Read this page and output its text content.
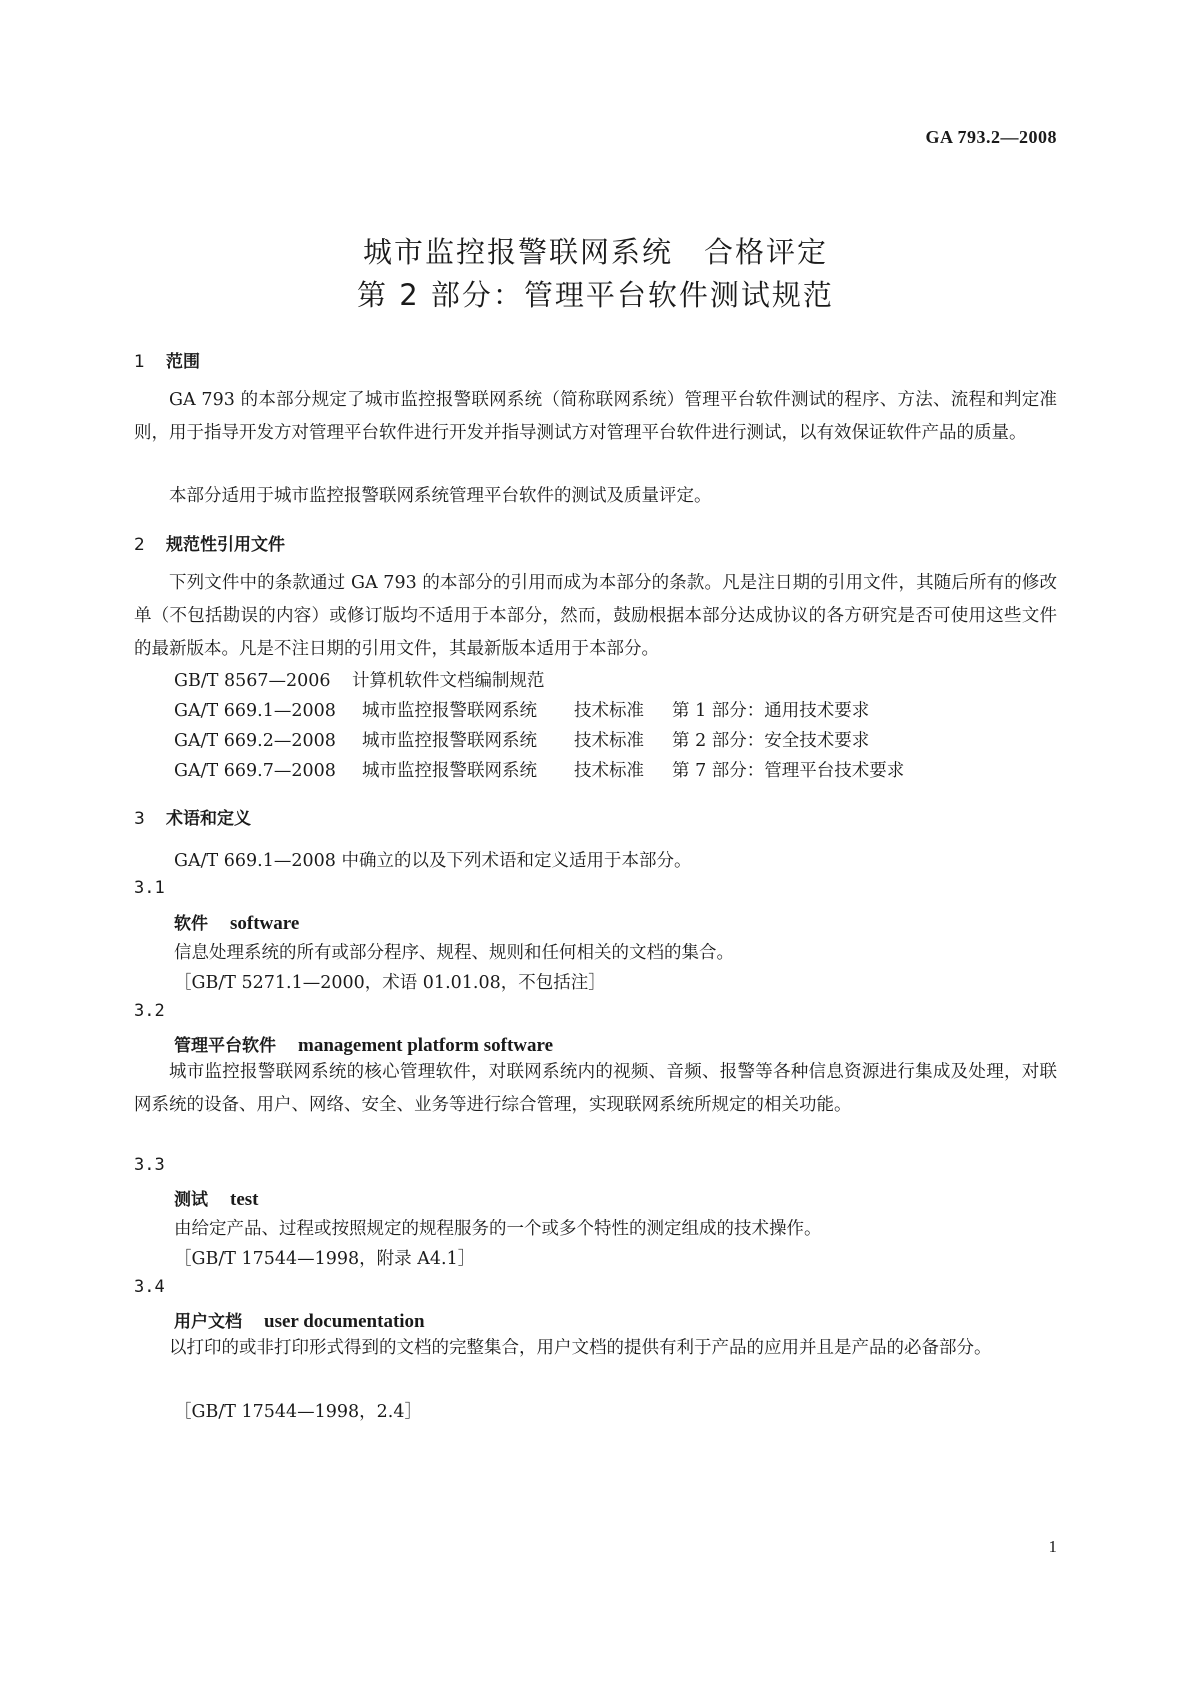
GA 793.2—2008
城市监控报警联网系统　合格评定
第 2 部分：管理平台软件测试规范
1 范围
GA 793 的本部分规定了城市监控报警联网系统（简称联网系统）管理平台软件测试的程序、方法、流程和判定准则，用于指导开发方对管理平台软件进行开发并指导测试方对管理平台软件进行测试，以有效保证软件产品的质量。
本部分适用于城市监控报警联网系统管理平台软件的测试及质量评定。
2 规范性引用文件
下列文件中的条款通过 GA 793 的本部分的引用而成为本部分的条款。凡是注日期的引用文件，其随后所有的修改单（不包括勘误的内容）或修订版均不适用于本部分，然而，鼓励根据本部分达成协议的各方研究是否可使用这些文件的最新版本。凡是不注日期的引用文件，其最新版本适用于本部分。
GB/T 8567—2006 计算机软件文档编制规范
GA/T 669.1—2008 城市监控报警联网系统 技术标准 第 1 部分：通用技术要求
GA/T 669.2—2008 城市监控报警联网系统 技术标准 第 2 部分：安全技术要求
GA/T 669.7—2008 城市监控报警联网系统 技术标准 第 7 部分：管理平台技术要求
3 术语和定义
GA/T 669.1—2008 中确立的以及下列术语和定义适用于本部分。
3.1
软件 software
信息处理系统的所有或部分程序、规程、规则和任何相关的文档的集合。
［GB/T 5271.1—2000，术语 01.01.08，不包括注］
3.2
管理平台软件 management platform software
城市监控报警联网系统的核心管理软件，对联网系统内的视频、音频、报警等各种信息资源进行集成及处理，对联网系统的设备、用户、网络、安全、业务等进行综合管理，实现联网系统所规定的相关功能。
3.3
测试 test
由给定产品、过程或按照规定的规程服务的一个或多个特性的测定组成的技术操作。
［GB/T 17544—1998，附录 A4.1］
3.4
用户文档 user documentation
以打印的或非打印形式得到的文档的完整集合，用户文档的提供有利于产品的应用并且是产品的必备部分。
［GB/T 17544—1998，2.4］
1
